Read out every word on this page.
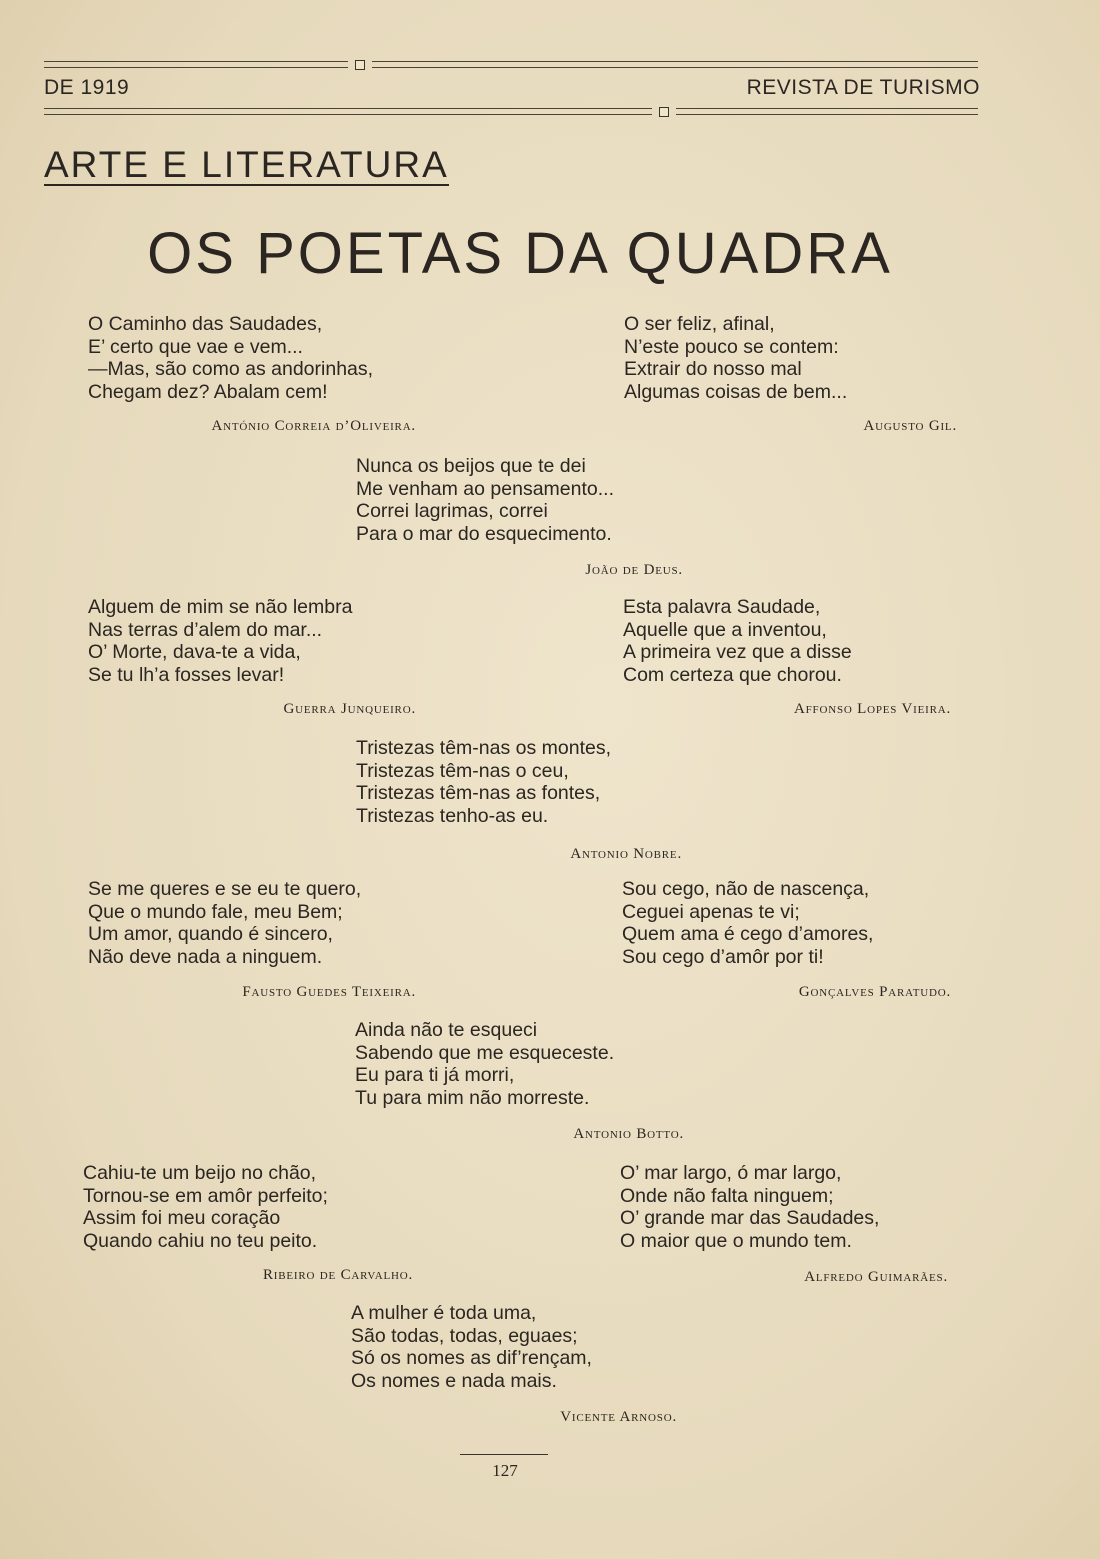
DE 1919	REVISTA DE TURISMO
ARTE E LITERATURA
OS POETAS DA QUADRA
O Caminho das Saudades,
E’ certo que vae e vem...
—Mas, são como as andorinhas,
Chegam dez? Abalam cem!
António Correia d’Oliveira.
O ser feliz, afinal,
N’este pouco se contem:
Extrair do nosso mal
Algumas coisas de bem...
Augusto Gil.
Nunca os beijos que te dei
Me venham ao pensamento...
Correi lagrimas, correi
Para o mar do esquecimento.
João de Deus.
Alguem de mim se não lembra
Nas terras d’alem do mar...
O’ Morte, dava-te a vida,
Se tu lh’a fosses levar!
Guerra Junqueiro.
Esta palavra Saudade,
Aquelle que a inventou,
A primeira vez que a disse
Com certeza que chorou.
Affonso Lopes Vieira.
Tristezas têm-nas os montes,
Tristezas têm-nas o ceu,
Tristezas têm-nas as fontes,
Tristezas tenho-as eu.
Antonio Nobre.
Se me queres e se eu te quero,
Que o mundo fale, meu Bem;
Um amor, quando é sincero,
Não deve nada a ninguem.
Fausto Guedes Teixeira.
Sou cego, não de nascença,
Ceguei apenas te vi;
Quem ama é cego d’amores,
Sou cego d’amôr por ti!
Gonçalves Paratudo.
Ainda não te esqueci
Sabendo que me esqueceste.
Eu para ti já morri,
Tu para mim não morreste.
Antonio Botto.
Cahiu-te um beijo no chão,
Tornou-se em amôr perfeito;
Assim foi meu coração
Quando cahiu no teu peito.
Ribeiro de Carvalho.
O’ mar largo, ó mar largo,
Onde não falta ninguem;
O’ grande mar das Saudades,
O maior que o mundo tem.
Alfredo Guimarães.
A mulher é toda uma,
São todas, todas, eguaes;
Só os nomes as dif’rençam,
Os nomes e nada mais.
Vicente Arnoso.
127
